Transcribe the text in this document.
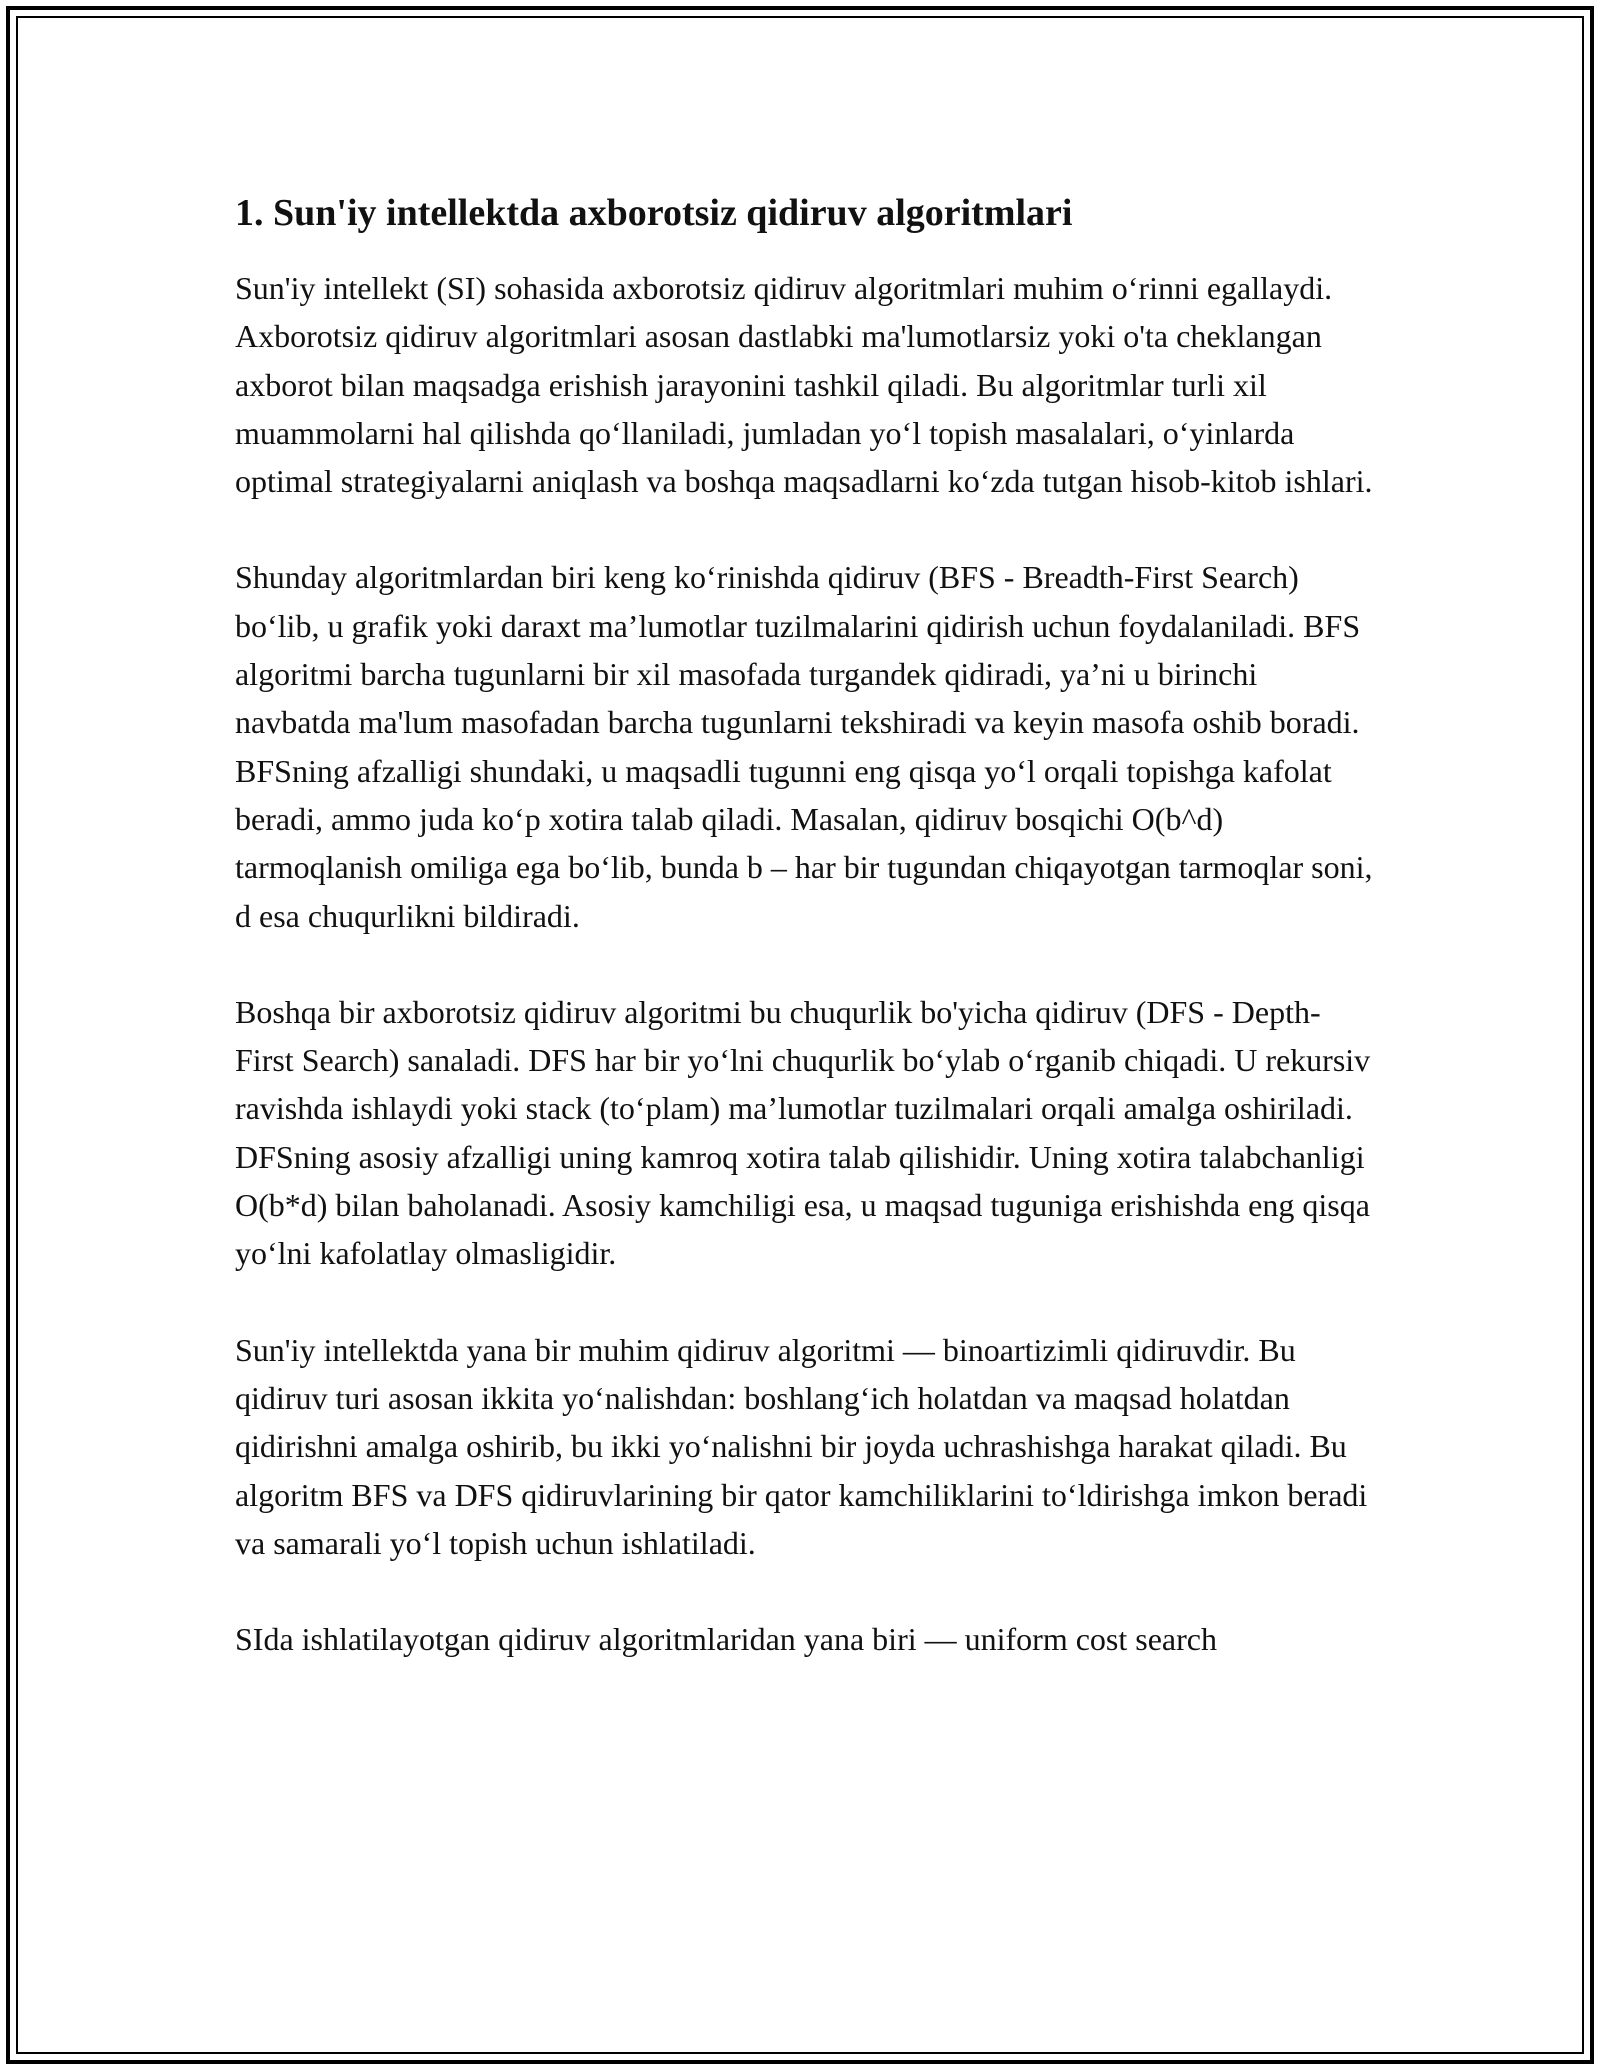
1. Sun'iy intellektda axborotsiz qidiruv algoritmlari

Sun'iy intellekt (SI) sohasida axborotsiz qidiruv algoritmlari muhim o‘rinni egallaydi. Axborotsiz qidiruv algoritmlari asosan dastlabki ma'lumotlarsiz yoki o'ta cheklangan axborot bilan maqsadga erishish jarayonini tashkil qiladi. Bu algoritmlar turli xil muammolarni hal qilishda qo‘llaniladi, jumladan yo‘l topish masalalari, o‘yinlarda optimal strategiyalarni aniqlash va boshqa maqsadlarni ko‘zda tutgan hisob-kitob ishlari.

Shunday algoritmlardan biri keng ko‘rinishda qidiruv (BFS - Breadth-First Search) bo‘lib, u grafik yoki daraxt ma’lumotlar tuzilmalarini qidirish uchun foydalaniladi. BFS algoritmi barcha tugunlarni bir xil masofada turgandek qidiradi, ya’ni u birinchi navbatda ma'lum masofadan barcha tugunlarni tekshiradi va keyin masofa oshib boradi. BFSning afzalligi shundaki, u maqsadli tugunni eng qisqa yo‘l orqali topishga kafolat beradi, ammo juda ko‘p xotira talab qiladi. Masalan, qidiruv bosqichi O(b^d) tarmoqlanish omiliga ega bo‘lib, bunda b – har bir tugundan chiqayotgan tarmoqlar soni, d esa chuqurlikni bildiradi.

Boshqa bir axborotsiz qidiruv algoritmi bu chuqurlik bo'yicha qidiruv (DFS - Depth-First Search) sanaladi. DFS har bir yo‘lni chuqurlik bo‘ylab o‘rganib chiqadi. U rekursiv ravishda ishlaydi yoki stack (to‘plam) ma’lumotlar tuzilmalari orqali amalga oshiriladi. DFSning asosiy afzalligi uning kamroq xotira talab qilishidir. Uning xotira talabchanligi O(b*d) bilan baholanadi. Asosiy kamchiligi esa, u maqsad tuguniga erishishda eng qisqa yo‘lni kafolatlay olmasligidir.

Sun'iy intellektda yana bir muhim qidiruv algoritmi — binoartizimli qidiruvdir. Bu qidiruv turi asosan ikkita yo‘nalishdan: boshlang‘ich holatdan va maqsad holatdan qidirishni amalga oshirib, bu ikki yo‘nalishni bir joyda uchrashishga harakat qiladi. Bu algoritm BFS va DFS qidiruvlarining bir qator kamchiliklarini to‘ldirishga imkon beradi va samarali yo‘l topish uchun ishlatiladi.

SIda ishlatilayotgan qidiruv algoritmlaridan yana biri — uniform cost search
